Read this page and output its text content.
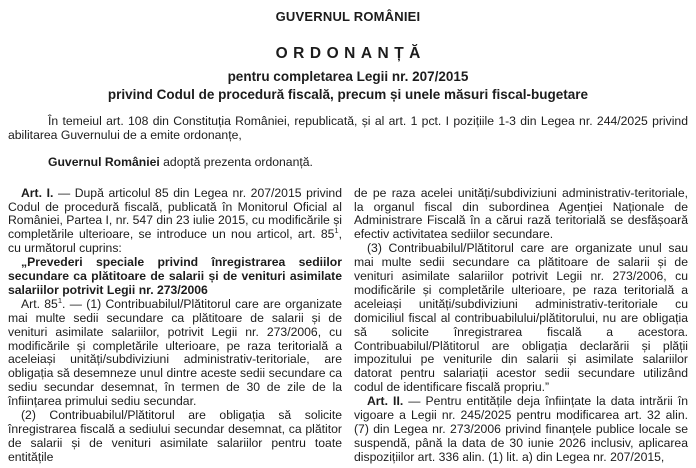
GUVERNUL ROMÂNIEI
ORDONANȚĂ
pentru completarea Legii nr. 207/2015
privind Codul de procedură fiscală, precum și unele măsuri fiscal-bugetare

În temeiul art. 108 din Constituția României, republicată, și al art. 1 pct. I pozițiile 1-3 din Legea nr. 244/2025 privind abilitarea Guvernului de a emite ordonanțe,

Guvernul României adoptă prezenta ordonanță.

Art. I. — După articolul 85 din Legea nr. 207/2015 privind Codul de procedură fiscală, publicată în Monitorul Oficial al României, Partea I, nr. 547 din 23 iulie 2015, cu modificările și completările ulterioare, se introduce un nou articol, art. $85^1$, cu următorul cuprins:

„Prevederi speciale privind înregistrarea sediilor secundare ca plătitoare de salarii și de venituri asimilate salariilor potrivit Legii nr. 273/2006

Art. $85^1$. — (1) Contribuabilul/Plătitorul care are organizate mai multe sedii secundare ca plătitoare de salarii și de venituri asimilate salariilor, potrivit Legii nr. 273/2006, cu modificările și completările ulterioare, pe raza teritorială a aceleiași unități/subdiviziuni administrativ-teritoriale, are obligația să desemneze unul dintre aceste sedii secundare ca sediu secundar desemnat, în termen de 30 de zile de la înființarea primului sediu secundar.

(2) Contribuabilul/Plătitorul are obligația să solicite înregistrarea fiscală a sediului secundar desemnat, ca plătitor de salarii și de venituri asimilate salariilor pentru toate entitățile

de pe raza acelei unități/subdiviziuni administrativ-teritoriale, la organul fiscal din subordinea Agenției Naționale de Administrare Fiscală în a cărui rază teritorială se desfășoară efectiv activitatea sediilor secundare.

(3) Contribuabilul/Plătitorul care are organizate unul sau mai multe sedii secundare ca plătitoare de salarii și de venituri asimilate salariilor potrivit Legii nr. 273/2006, cu modificările și completările ulterioare, pe raza teritorială a aceleiași unități/subdiviziuni administrativ-teritoriale cu domiciliul fiscal al contribuabilului/plătitorului, nu are obligația să solicite înregistrarea fiscală a acestora. Contribuabilul/Plătitorul are obligația declarării și plății impozitului pe veniturile din salarii și asimilate salariilor datorat pentru salariații acestor sedii secundare utilizând codul de identificare fiscală propriu.”

Art. II. — Pentru entitățile deja înființate la data intrării în vigoare a Legii nr. 245/2025 pentru modificarea art. 32 alin. (7) din Legea nr. 273/2006 privind finanțele publice locale se suspendă, până la data de 30 iunie 2026 inclusiv, aplicarea dispozițiilor art. 336 alin. (1) lit. a) din Legea nr. 207/2015,
